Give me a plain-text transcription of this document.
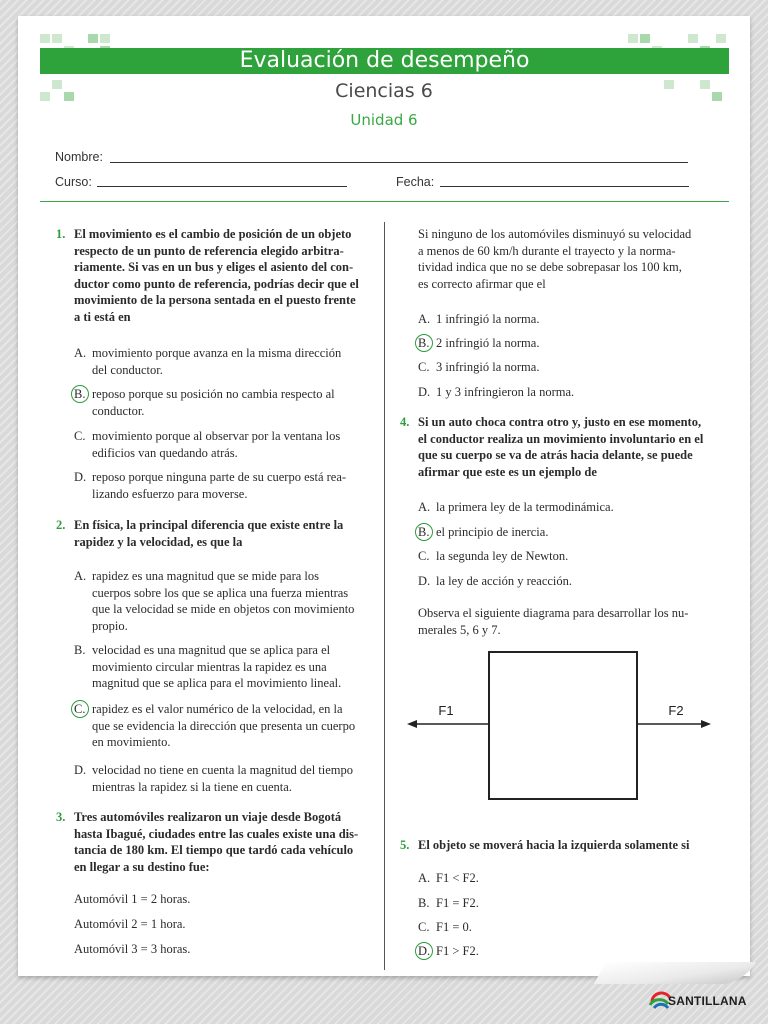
Evaluación de desempeño
Ciencias 6
Unidad 6
Nombre:
Curso:	Fecha:
1. El movimiento es el cambio de posición de un objeto
respecto de un punto de referencia elegido arbitra-
riamente. Si vas en un bus y eliges el asiento del con-
ductor como punto de referencia, podrías decir que el
movimiento de la persona sentada en el puesto frente
a ti está en
A. movimiento porque avanza en la misma dirección
del conductor.
B. reposo porque su posición no cambia respecto al
conductor.
C. movimiento porque al observar por la ventana los
edificios van quedando atrás.
D. reposo porque ninguna parte de su cuerpo está rea-
lizando esfuerzo para moverse.
2. En física, la principal diferencia que existe entre la
rapidez y la velocidad, es que la
A. rapidez es una magnitud que se mide para los
cuerpos sobre los que se aplica una fuerza mientras
que la velocidad se mide en objetos con movimiento
propio.
B. velocidad es una magnitud que se aplica para el
movimiento circular mientras la rapidez es una
magnitud que se aplica para el movimiento lineal.
C. rapidez es el valor numérico de la velocidad, en la
que se evidencia la dirección que presenta un cuerpo
en movimiento.
D. velocidad no tiene en cuenta la magnitud del tiempo
mientras la rapidez si la tiene en cuenta.
3. Tres automóviles realizaron un viaje desde Bogotá
hasta Ibagué, ciudades entre las cuales existe una dis-
tancia de 180 km. El tiempo que tardó cada vehículo
en llegar a su destino fue:
Automóvil 1 = 2 horas.
Automóvil 2 = 1 hora.
Automóvil 3 = 3 horas.
Si ninguno de los automóviles disminuyó su velocidad
a menos de 60 km/h durante el trayecto y la norma-
tividad indica que no se debe sobrepasar los 100 km,
es correcto afirmar que el
A. 1 infringió la norma.
B. 2 infringió la norma.
C. 3 infringió la norma.
D. 1 y 3 infringieron la norma.
4. Si un auto choca contra otro y, justo en ese momento,
el conductor realiza un movimiento involuntario en el
que su cuerpo se va de atrás hacia delante, se puede
afirmar que este es un ejemplo de
A. la primera ley de la termodinámica.
B. el principio de inercia.
C. la segunda ley de Newton.
D. la ley de acción y reacción.
Observa el siguiente diagrama para desarrollar los nu-
merales 5, 6 y 7.
F1	F2
5. El objeto se moverá hacia la izquierda solamente si
A. F1 < F2.
B. F1 = F2.
C. F1 = 0.
D. F1 > F2.
SANTILLANA
